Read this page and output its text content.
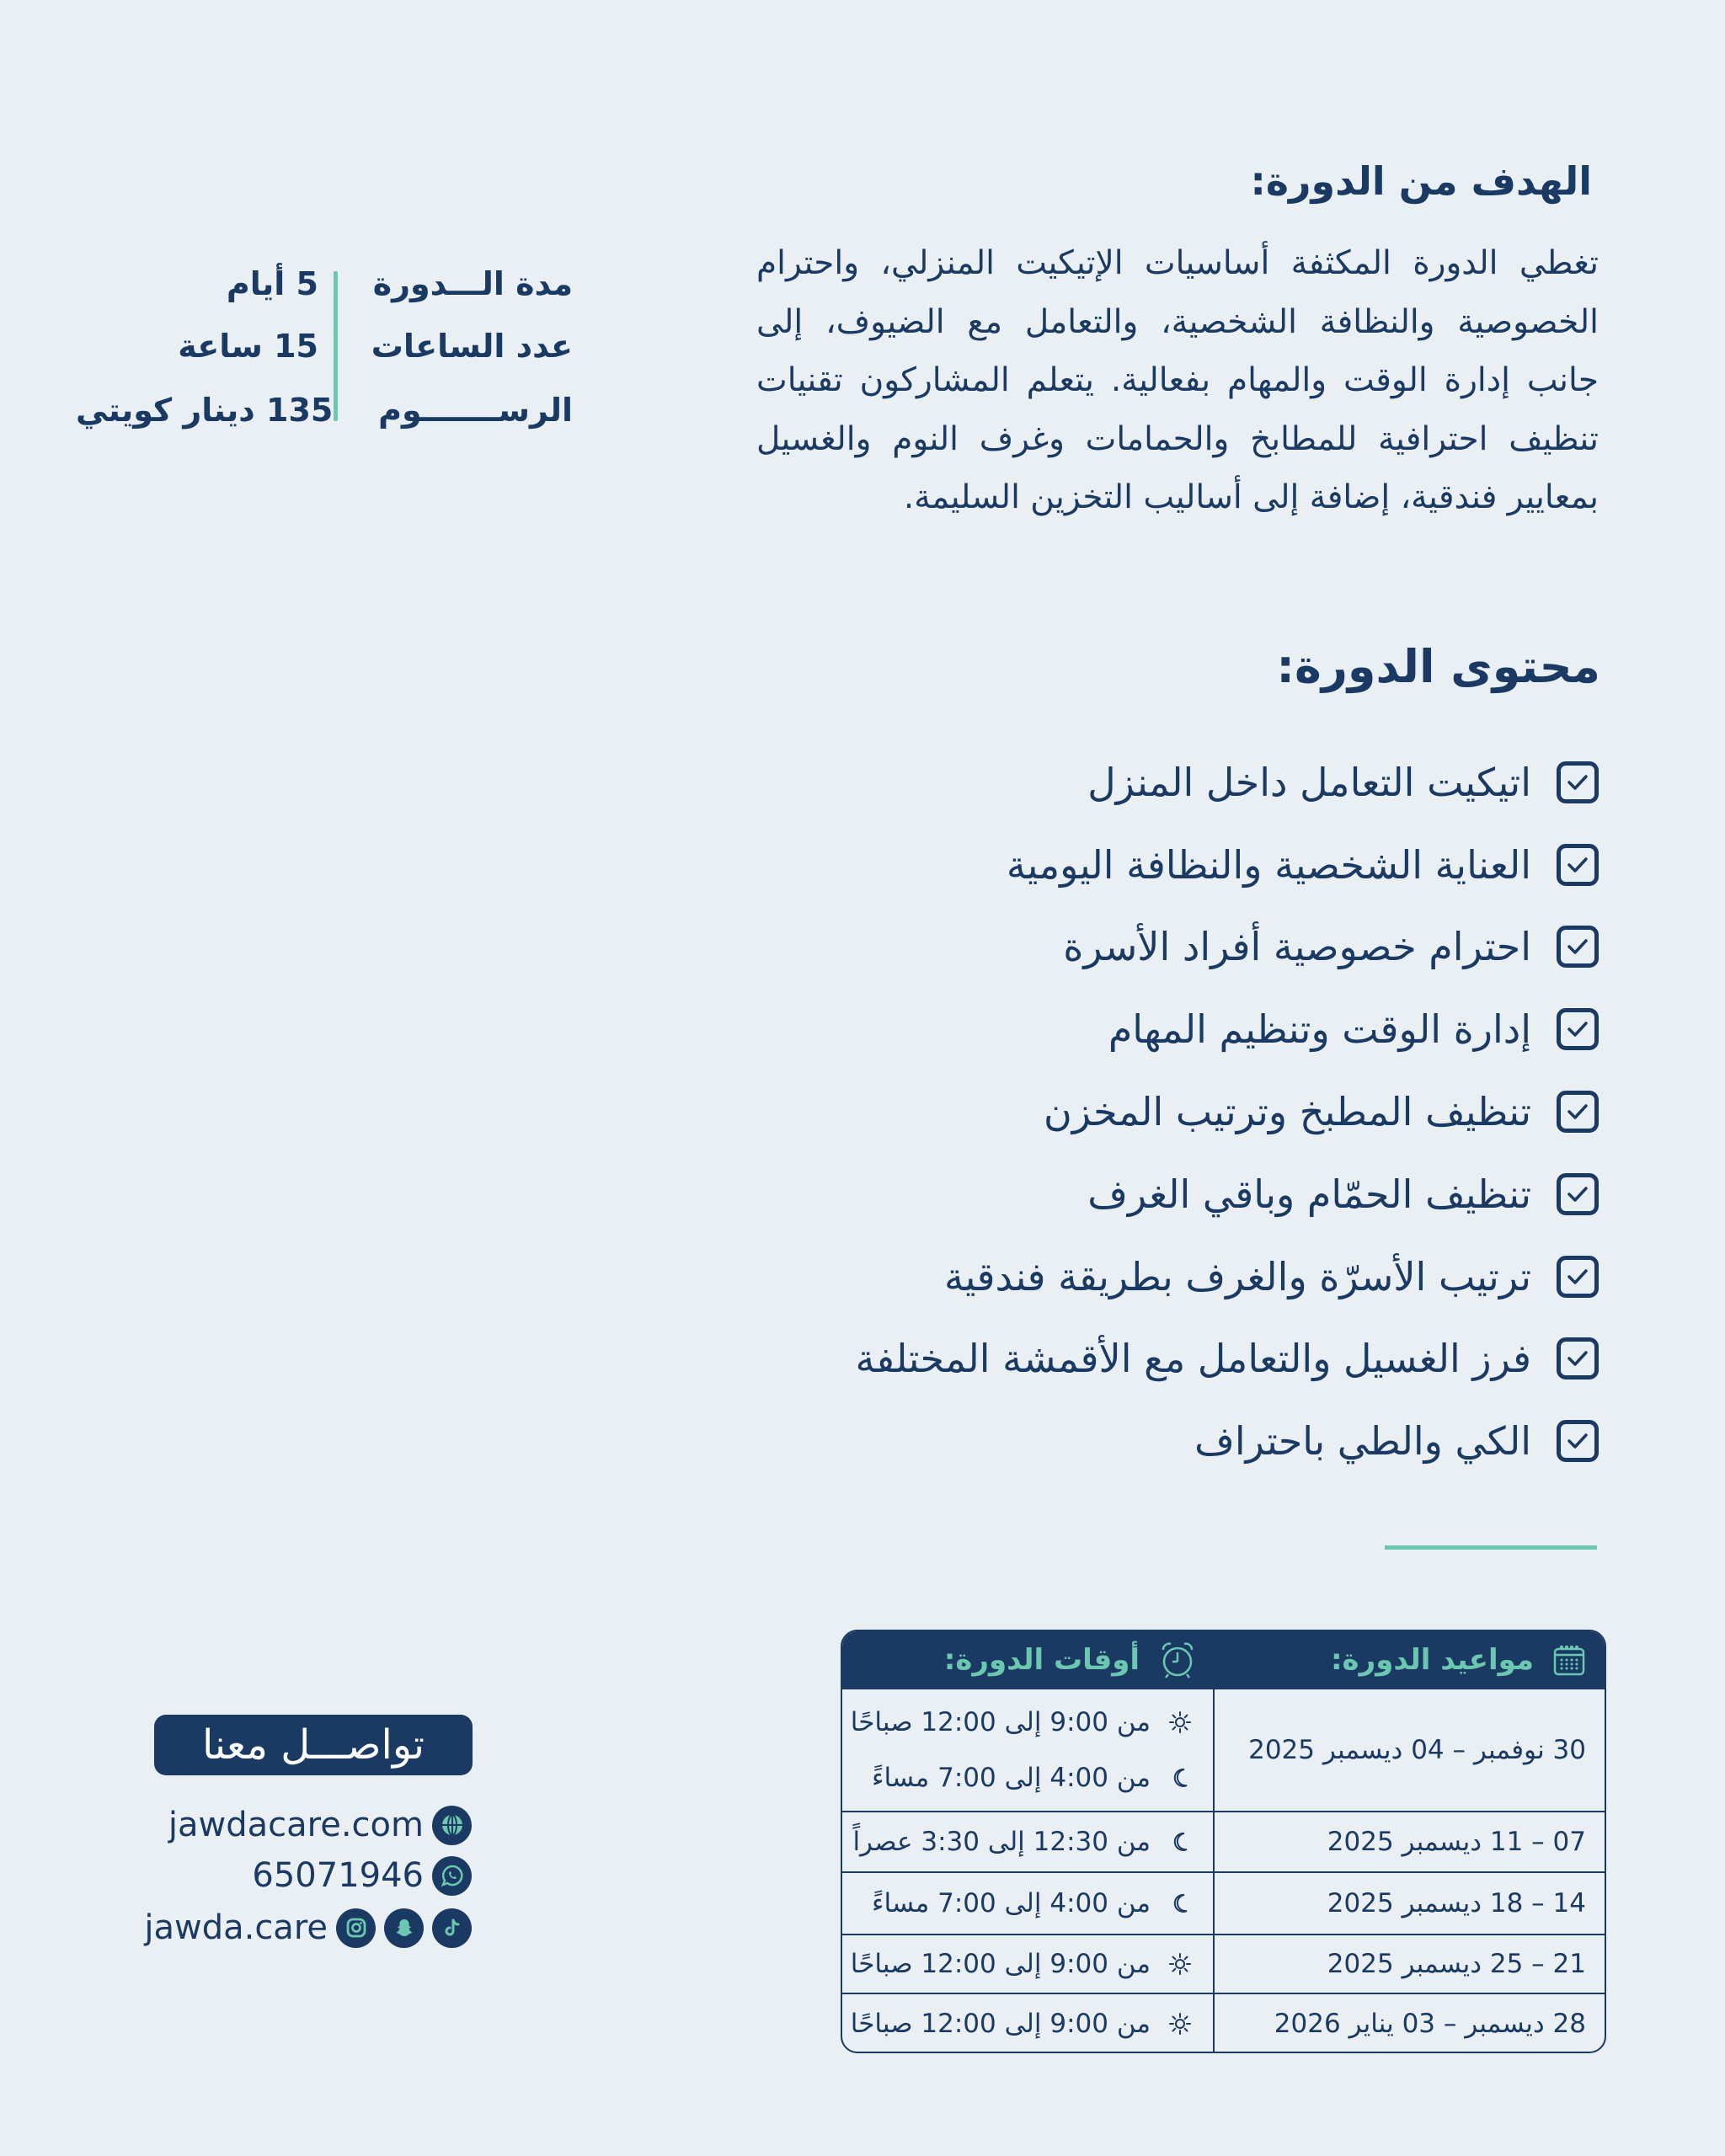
الهدف من الدورة:

تغطي الدورة المكثفة أساسيات الإتيكيت المنزلي، واحترام الخصوصية والنظافة الشخصية، والتعامل مع الضيوف، إلى جانب إدارة الوقت والمهام بفعالية. يتعلم المشاركون تقنيات تنظيف احترافية للمطابخ والحمامات وغرف النوم والغسيل بمعايير فندقية، إضافة إلى أساليب التخزين السليمة.

مدة الـــدورة
5 أيام
عدد الساعات
15 ساعة
الرســـــــوم
135 دينار كويتي
محتوى الدورة:
اتيكيت التعامل داخل المنزل
العناية الشخصية والنظافة اليومية
احترام خصوصية أفراد الأسرة
إدارة الوقت وتنظيم المهام
تنظيف المطبخ وترتيب المخزن
تنظيف الحمّام وباقي الغرف
ترتيب الأسرّة والغرف بطريقة فندقية
فرز الغسيل والتعامل مع الأقمشة المختلفة
الكي والطي باحتراف
مواعيد الدورة:
أوقات الدورة:
30 نوفمبر – 04 ديسمبر 2025
من 9:00 إلى 12:00 صباحًا
من 4:00 إلى 7:00 مساءً
07 – 11 ديسمبر 2025
من 12:30 إلى 3:30 عصراً
14 – 18 ديسمبر 2025
من 4:00 إلى 7:00 مساءً
21 – 25 ديسمبر 2025
من 9:00 إلى 12:00 صباحًا
28 ديسمبر – 03 يناير 2026
من 9:00 إلى 12:00 صباحًا
تواصـــل معنا
jawdacare.com
65071946
jawda.care
